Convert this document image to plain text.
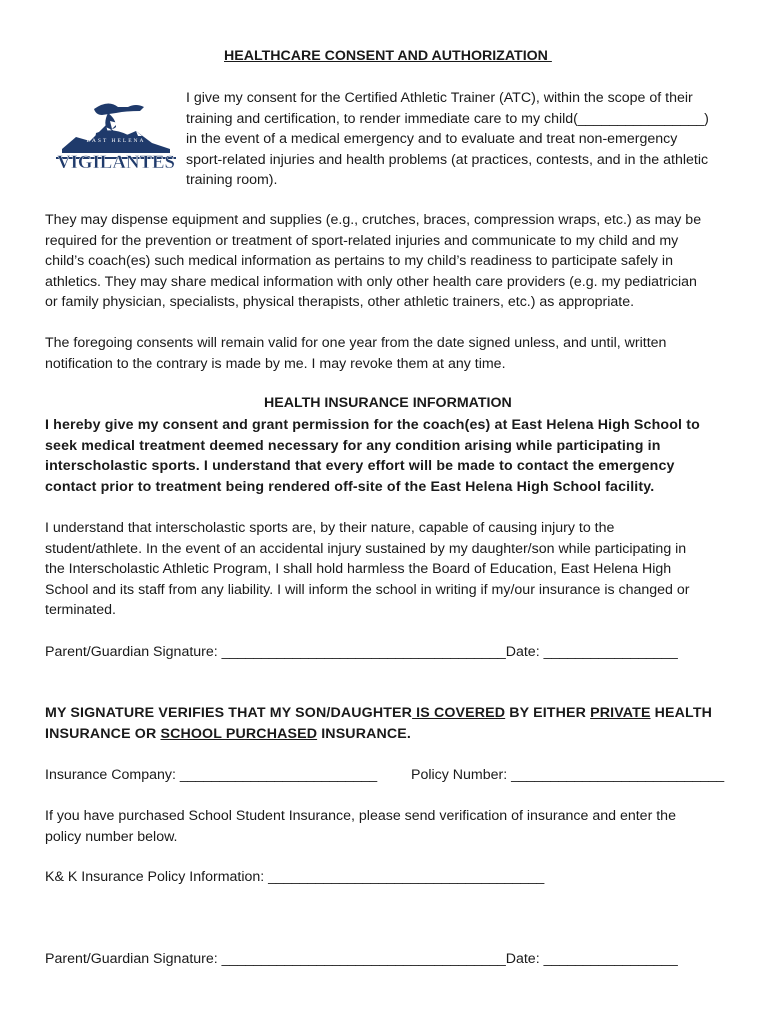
HEALTHCARE CONSENT AND AUTHORIZATION
EAST HELENA
VIGILANTES
I give my consent for the Certified Athletic Trainer (ATC), within the scope of their
training and certification, to render immediate care to my child(________________)
in the event of a medical emergency and to evaluate and treat non-emergency
sport-related injuries and health problems (at practices, contests, and in the athletic
training room).
They may dispense equipment and supplies (e.g., crutches, braces, compression wraps, etc.) as may be
required for the prevention or treatment of sport-related injuries and communicate to my child and my
child’s coach(es) such medical information as pertains to my child’s readiness to participate safely in
athletics. They may share medical information with only other health care providers (e.g. my pediatrician
or family physician, specialists, physical therapists, other athletic trainers, etc.) as appropriate.
The foregoing consents will remain valid for one year from the date signed unless, and until, written
notification to the contrary is made by me. I may revoke them at any time.
HEALTH INSURANCE INFORMATION
I hereby give my consent and grant permission for the coach(es) at East Helena High School to
seek medical treatment deemed necessary for any condition arising while participating in
interscholastic sports. I understand that every effort will be made to contact the emergency
contact prior to treatment being rendered off-site of the East Helena High School facility.
I understand that interscholastic sports are, by their nature, capable of causing injury to the
student/athlete. In the event of an accidental injury sustained by my daughter/son while participating in
the Interscholastic Athletic Program, I shall hold harmless the Board of Education, East Helena High
School and its staff from any liability. I will inform the school in writing if my/our insurance is changed or
terminated.
Parent/Guardian Signature: ____________________________________Date: _________________
MY SIGNATURE VERIFIES THAT MY SON/DAUGHTER IS COVERED BY EITHER PRIVATE HEALTH
INSURANCE OR SCHOOL PURCHASED INSURANCE.
Insurance Company: _________________________ Policy Number: ___________________________
If you have purchased School Student Insurance, please send verification of insurance and enter the
policy number below.
K& K Insurance Policy Information: ___________________________________
Parent/Guardian Signature: ____________________________________Date: _________________
